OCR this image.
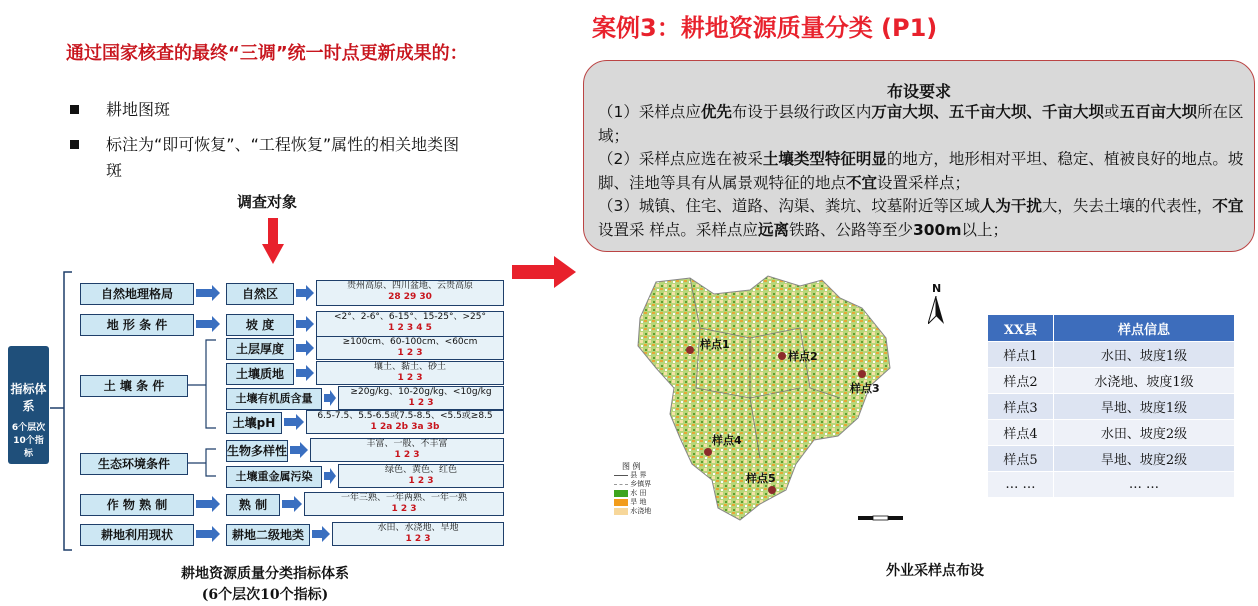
案例3：耕地资源质量分类 (P1)
通过国家核查的最终“三调”统一时点更新成果的：
耕地图斑
标注为“即可恢复”、“工程恢复”属性的相关地类图斑
调查对象
布设要求
（1）采样点应优先布设于县级行政区内万亩大坝、五千亩大坝、千亩大坝或五百亩大坝所在区域；
（2）采样点应选在被采土壤类型特征明显的地方，地形相对平坦、稳定、植被良好的地点。坡脚、洼地等具有从属景观特征的地点不宜设置采样点；
（3）城镇、住宅、道路、沟渠、粪坑、坟墓附近等区域人为干扰大，失去土壤的代表性，不宜设置采 样点。采样点应远离铁路、公路等至少300m以上；
指标体系
6个层次10个指标
自然地理格局
地 形 条 件
土 壤 条 件
生态环境条件
作 物 熟 制
耕地利用现状
自然区
坡 度
土层厚度
土壤质地
土壤有机质含量
土壤pH
生物多样性
土壤重金属污染
熟 制
耕地二级地类
贵州高原、四川盆地、云贵高原
28 29 30
<2°、2-6°、6-15°、15-25°、>25°
1 2 3 4 5
≥100cm、60-100cm、<60cm
1 2 3
壤土、黏土、砂土
1 2 3
≥20g/kg、10-20g/kg、<10g/kg
1 2 3
6.5-7.5、5.5-6.5或7.5-8.5、<5.5或≥8.5
1 2a 2b 3a 3b
丰富、一般、不丰富
1 2 3
绿色、黄色、红色
1 2 3
一年三熟、一年两熟、一年一熟
1 2 3
水田、水浇地、旱地
1 2 3
耕地资源质量分类指标体系
(6个层次10个指标)
样点1
样点2
样点3
样点4
样点5
N
图 例
县 界
乡镇界
水 田
旱 地
水浇地
外业采样点布设
XX县	样点信息
样点1	水田、坡度1级
样点2	水浇地、坡度1级
样点3	旱地、坡度1级
样点4	水田、坡度2级
样点5	旱地、坡度2级
… …	… …
